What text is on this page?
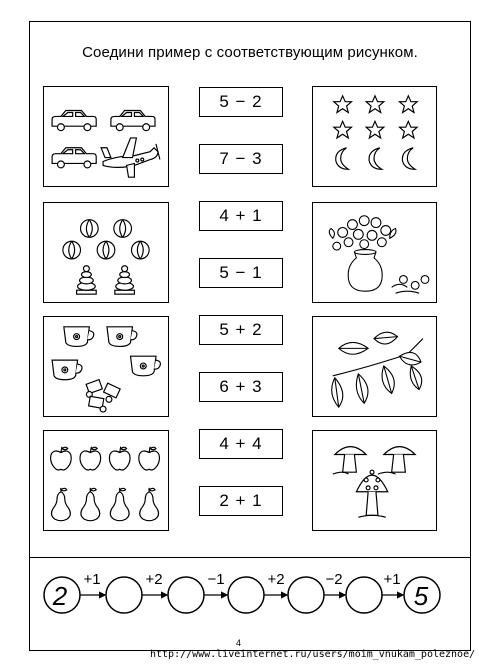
Соедини пример с соответствующим рисунком.
5 − 2
7 − 3
4 + 1
5 − 1
5 + 2
6 + 3
4 + 4
2 + 1
2	5
+1	+2	−1	+2	−2	+1
4
http://www.liveinternet.ru/users/moim_vnukam_poleznoe/
